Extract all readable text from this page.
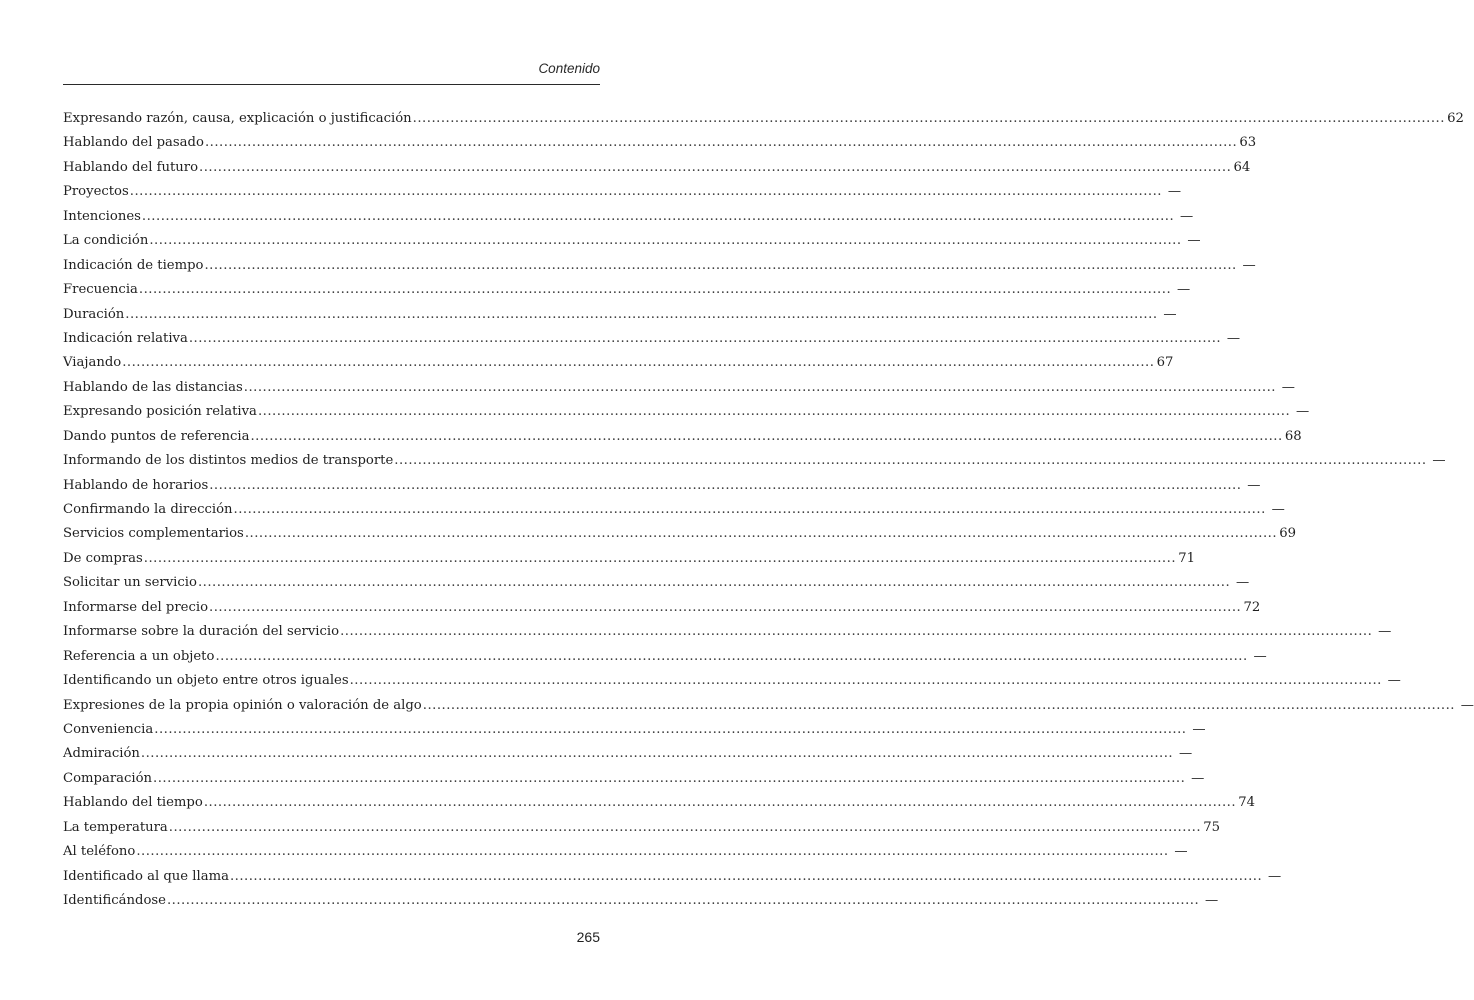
Contenido
Expresando razón, causa, explicación o justificación ............................................................................................................................................................................................................................ 62
Hablando del pasado ............................................................................................................................................................................................................................ 63
Hablando del futuro ............................................................................................................................................................................................................................ 64
Proyectos ............................................................................................................................................................................................................................ —
Intenciones ............................................................................................................................................................................................................................ —
La condición ............................................................................................................................................................................................................................ —
Indicación de tiempo ............................................................................................................................................................................................................................ —
Frecuencia ............................................................................................................................................................................................................................ —
Duración ............................................................................................................................................................................................................................ —
Indicación relativa ............................................................................................................................................................................................................................ —
Viajando ............................................................................................................................................................................................................................ 67
Hablando de las distancias ............................................................................................................................................................................................................................ —
Expresando posición relativa ............................................................................................................................................................................................................................ —
Dando puntos de referencia ............................................................................................................................................................................................................................ 68
Informando de los distintos medios de transporte ............................................................................................................................................................................................................................ —
Hablando de horarios ............................................................................................................................................................................................................................ —
Confirmando la dirección ............................................................................................................................................................................................................................ —
Servicios complementarios ............................................................................................................................................................................................................................ 69
De compras ............................................................................................................................................................................................................................ 71
Solicitar un servicio ............................................................................................................................................................................................................................ —
Informarse del precio ............................................................................................................................................................................................................................ 72
Informarse sobre la duración del servicio ............................................................................................................................................................................................................................ —
Referencia a un objeto ............................................................................................................................................................................................................................ —
Identificando un objeto entre otros iguales ............................................................................................................................................................................................................................ —
Expresiones de la propia opinión o valoración de algo ............................................................................................................................................................................................................................ —
Conveniencia ............................................................................................................................................................................................................................ —
Admiración ............................................................................................................................................................................................................................ —
Comparación ............................................................................................................................................................................................................................ —
Hablando del tiempo ............................................................................................................................................................................................................................ 74
La temperatura ............................................................................................................................................................................................................................ 75
Al teléfono ............................................................................................................................................................................................................................ —
Identificado al que llama ............................................................................................................................................................................................................................ —
Identificándose ............................................................................................................................................................................................................................ —
265
